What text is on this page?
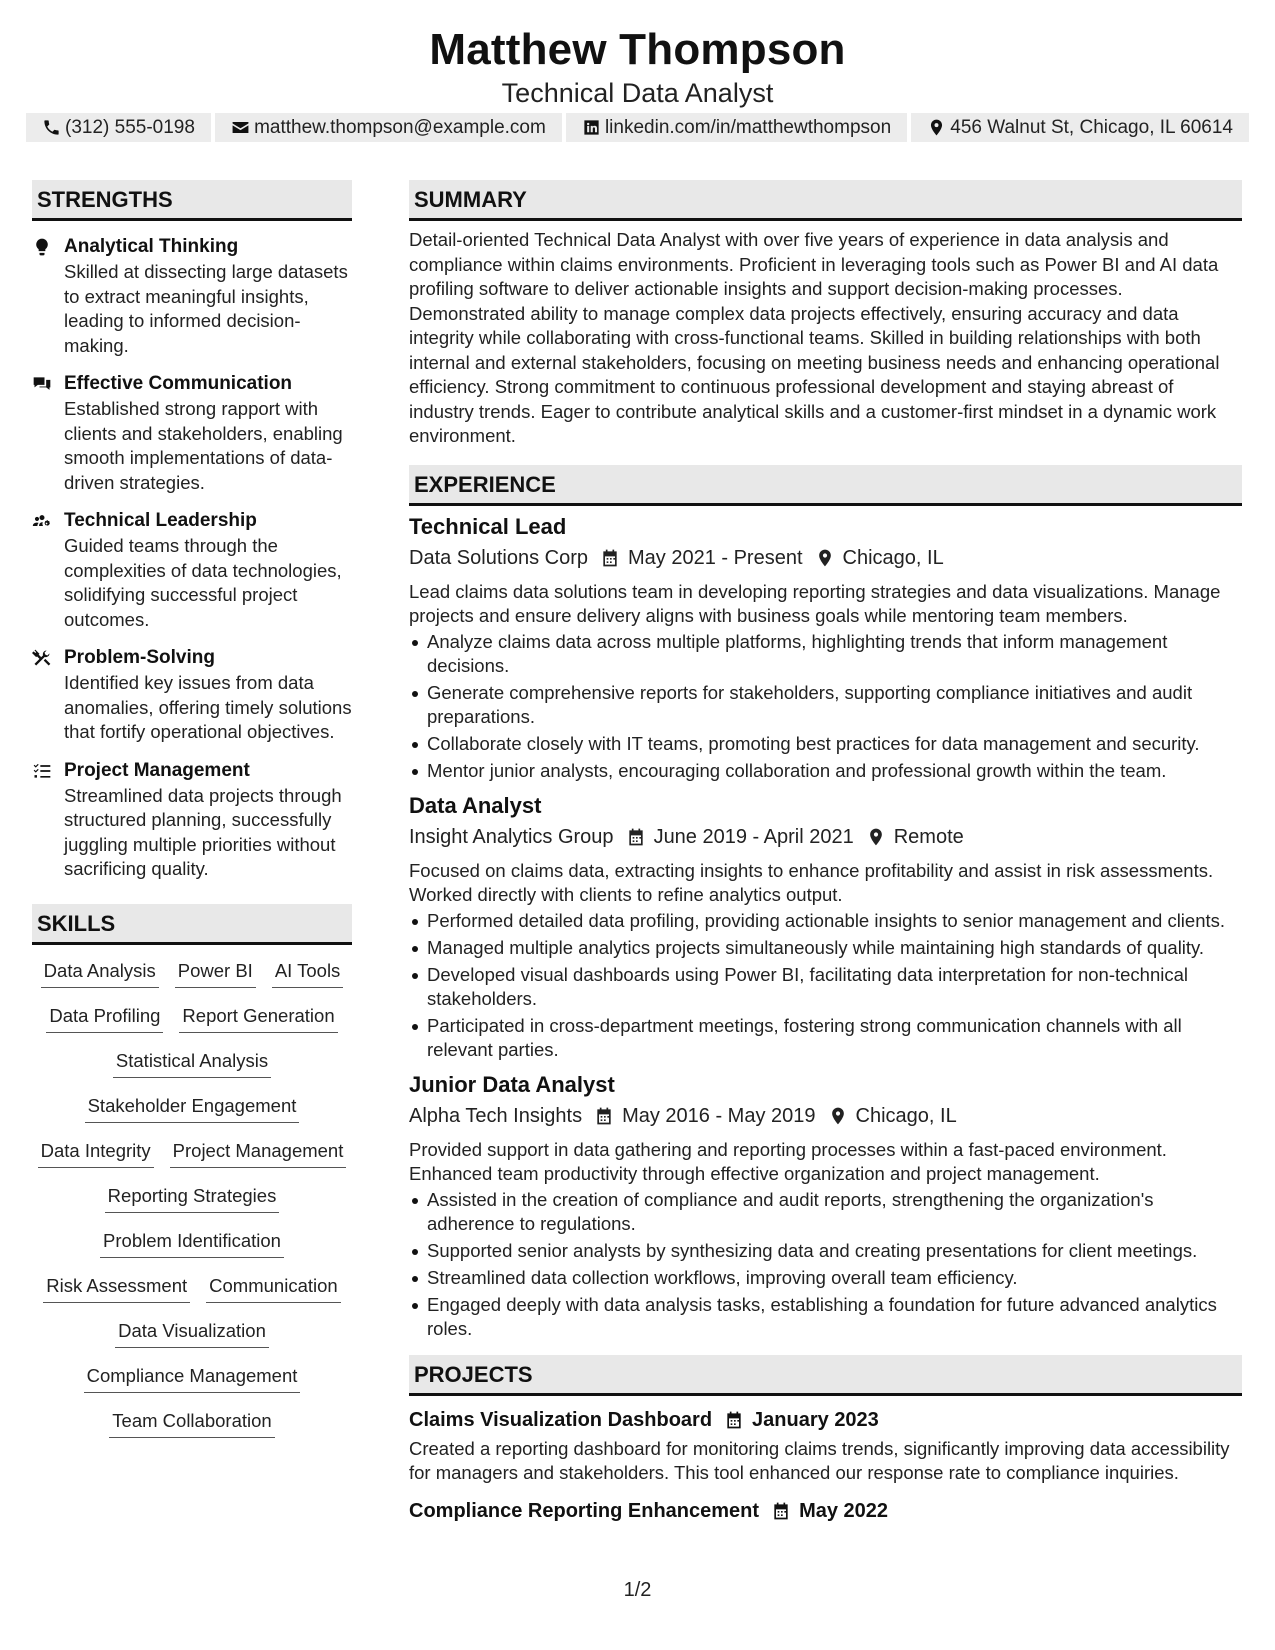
Matthew Thompson
Technical Data Analyst
(312) 555-0198	matthew.thompson@example.com	linkedin.com/in/matthewthompson	456 Walnut St, Chicago, IL 60614
STRENGTHS
Analytical Thinking
Skilled at dissecting large datasets to extract meaningful insights, leading to informed decision-making.
Effective Communication
Established strong rapport with clients and stakeholders, enabling smooth implementations of data-driven strategies.
Technical Leadership
Guided teams through the complexities of data technologies, solidifying successful project outcomes.
Problem-Solving
Identified key issues from data anomalies, offering timely solutions that fortify operational objectives.
Project Management
Streamlined data projects through structured planning, successfully juggling multiple priorities without sacrificing quality.
SKILLS
Data Analysis Power BI AI Tools
Data Profiling Report Generation
Statistical Analysis
Stakeholder Engagement
Data Integrity Project Management
Reporting Strategies
Problem Identification
Risk Assessment Communication
Data Visualization
Compliance Management
Team Collaboration
SUMMARY
Detail-oriented Technical Data Analyst with over five years of experience in data analysis and compliance within claims environments. Proficient in leveraging tools such as Power BI and AI data profiling software to deliver actionable insights and support decision-making processes. Demonstrated ability to manage complex data projects effectively, ensuring accuracy and data integrity while collaborating with cross-functional teams. Skilled in building relationships with both internal and external stakeholders, focusing on meeting business needs and enhancing operational efficiency. Strong commitment to continuous professional development and staying abreast of industry trends. Eager to contribute analytical skills and a customer-first mindset in a dynamic work environment.
EXPERIENCE
Technical Lead
Data Solutions Corp May 2021 - Present Chicago, IL
Lead claims data solutions team in developing reporting strategies and data visualizations. Manage projects and ensure delivery aligns with business goals while mentoring team members.
Analyze claims data across multiple platforms, highlighting trends that inform management decisions.
Generate comprehensive reports for stakeholders, supporting compliance initiatives and audit preparations.
Collaborate closely with IT teams, promoting best practices for data management and security.
Mentor junior analysts, encouraging collaboration and professional growth within the team.
Data Analyst
Insight Analytics Group June 2019 - April 2021 Remote
Focused on claims data, extracting insights to enhance profitability and assist in risk assessments. Worked directly with clients to refine analytics output.
Performed detailed data profiling, providing actionable insights to senior management and clients.
Managed multiple analytics projects simultaneously while maintaining high standards of quality.
Developed visual dashboards using Power BI, facilitating data interpretation for non-technical stakeholders.
Participated in cross-department meetings, fostering strong communication channels with all relevant parties.
Junior Data Analyst
Alpha Tech Insights May 2016 - May 2019 Chicago, IL
Provided support in data gathering and reporting processes within a fast-paced environment. Enhanced team productivity through effective organization and project management.
Assisted in the creation of compliance and audit reports, strengthening the organization's adherence to regulations.
Supported senior analysts by synthesizing data and creating presentations for client meetings.
Streamlined data collection workflows, improving overall team efficiency.
Engaged deeply with data analysis tasks, establishing a foundation for future advanced analytics roles.
PROJECTS
Claims Visualization Dashboard January 2023
Created a reporting dashboard for monitoring claims trends, significantly improving data accessibility for managers and stakeholders. This tool enhanced our response rate to compliance inquiries.
Compliance Reporting Enhancement May 2022
1/2
